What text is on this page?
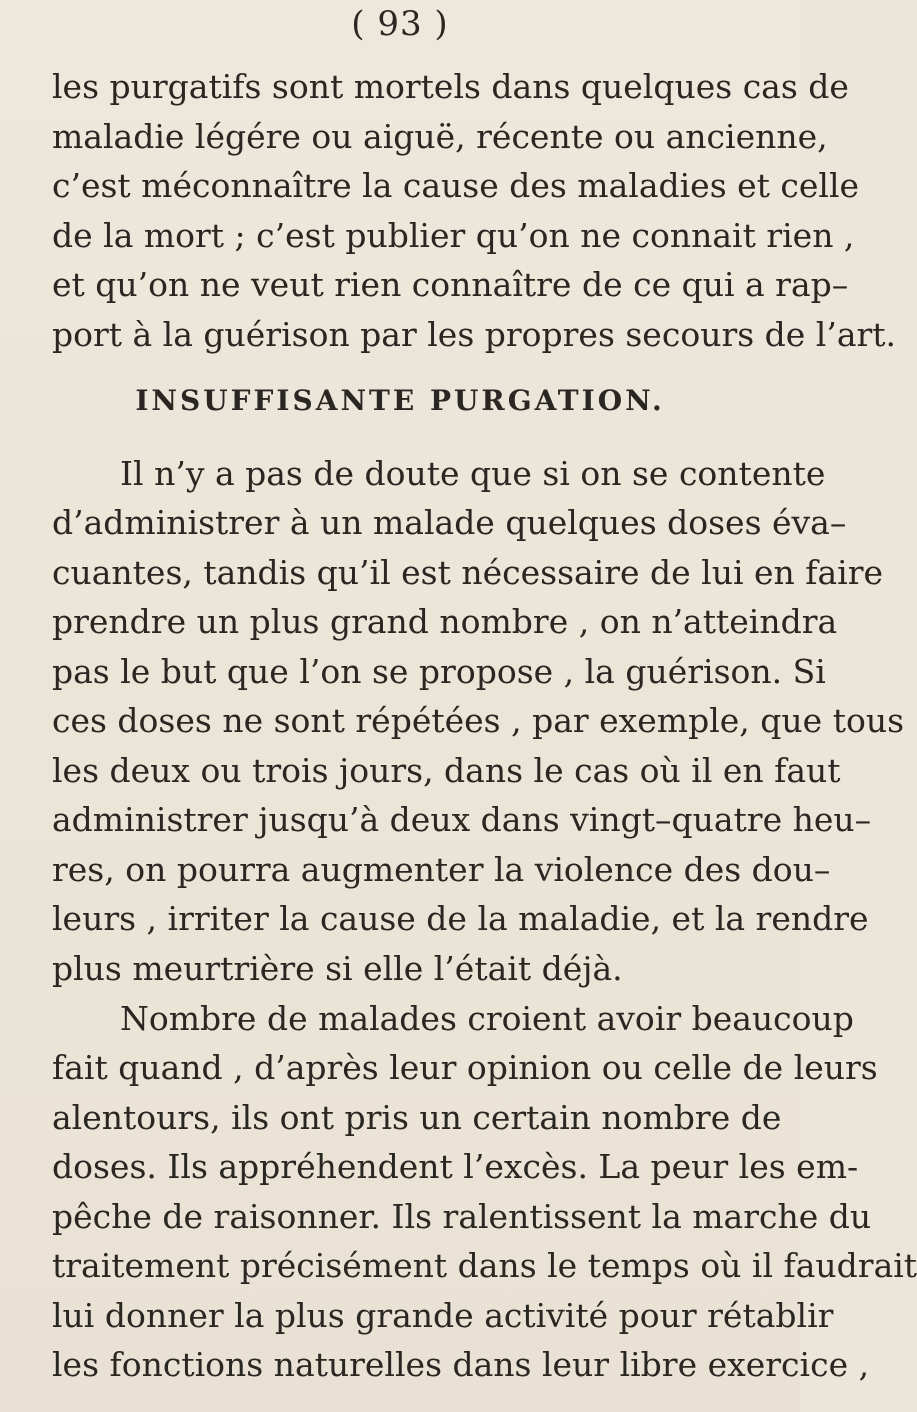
( 93 )
les purgatifs sont mortels dans quelques cas de
maladie légére ou aiguë, récente ou ancienne,
c’est méconnaître la cause des maladies et celle
de la mort ; c’est publier qu’on ne connait rien ,
et qu’on ne veut rien connaître de ce qui a rap–
port à la guérison par les propres secours de l’art.
INSUFFISANTE PURGATION.
Il n’y a pas de doute que si on se contente
d’administrer à un malade quelques doses éva–
cuantes, tandis qu’il est nécessaire de lui en faire
prendre un plus grand nombre , on n’atteindra
pas le but que l’on se propose , la guérison. Si
ces doses ne sont répétées , par exemple, que tous
les deux ou trois jours, dans le cas où il en faut
administrer jusqu’à deux dans vingt–quatre heu–
res, on pourra augmenter la violence des dou–
leurs , irriter la cause de la maladie, et la rendre
plus meurtrière si elle l’était déjà.
Nombre de malades croient avoir beaucoup
fait quand , d’après leur opinion ou celle de leurs
alentours, ils ont pris un certain nombre de
doses. Ils appréhendent l’excès. La peur les em-
pêche de raisonner. Ils ralentissent la marche du
traitement précisément dans le temps où il faudrait
lui donner la plus grande activité pour rétablir
les fonctions naturelles dans leur libre exercice ,
